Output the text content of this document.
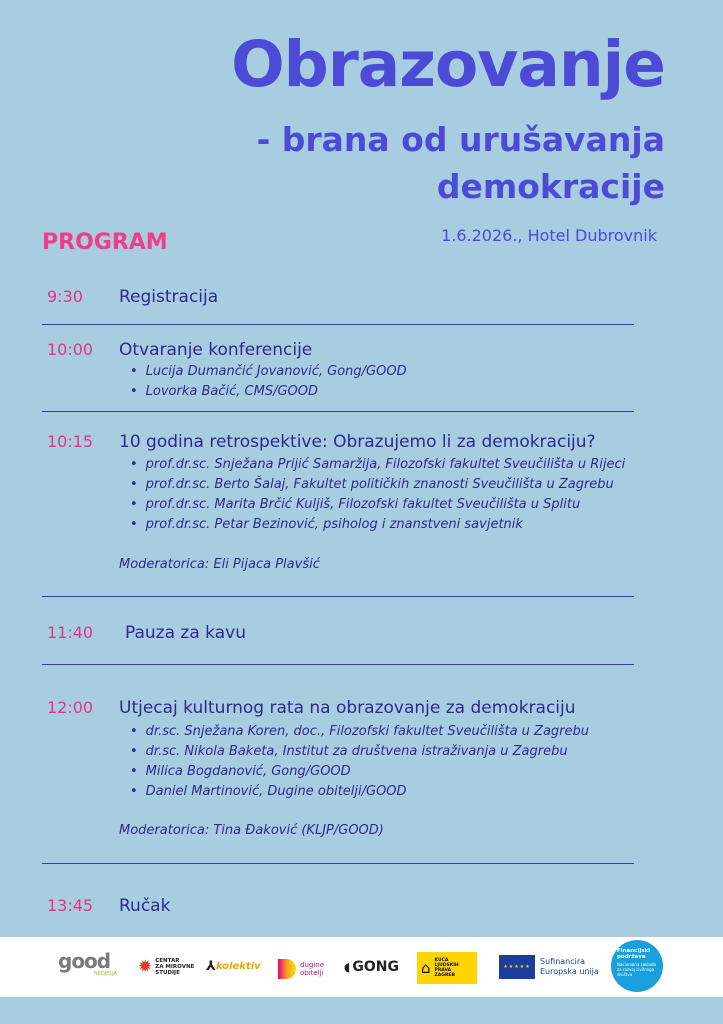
Obrazovanje
- brana od urušavanja
demokracije
1.6.2026., Hotel Dubrovnik
PROGRAM
9:30 Registracija
10:00 Otvaranje konferencije
• Lucija Dumančić Jovanović, Gong/GOOD
• Lovorka Bačić, CMS/GOOD
10:15 10 godina retrospektive: Obrazujemo li za demokraciju?
• prof.dr.sc. Snježana Prijić Samaržija, Filozofski fakultet Sveučilišta u Rijeci
• prof.dr.sc. Berto Šalaj, Fakultet političkih znanosti Sveučilišta u Zagrebu
• prof.dr.sc. Marita Brčić Kuljiš, Filozofski fakultet Sveučilišta u Splitu
• prof.dr.sc. Petar Bezinović, psiholog i znanstveni savjetnik
Moderatorica: Eli Pijaca Plavšić
11:40 Pauza za kavu
12:00 Utjecaj kulturnog rata na obrazovanje za demokraciju
• dr.sc. Snježana Koren, doc., Filozofski fakultet Sveučilišta u Zagrebu
• dr.sc. Nikola Baketa, Institut za društvena istraživanja u Zagrebu
• Milica Bogdanović, Gong/GOOD
• Daniel Martinović, Dugine obitelji/GOOD
Moderatorica: Tina Đaković (KLJP/GOOD)
13:45 Ručak
good
NEDJELJA ✹ CENTAR
ZA MIROVNE
STUDIJE	⅄ kolektiv	dugine
obitelji ◖ GONG ⌂ KUĆA
LJUDSKIH
PRAVA
ZAGREB
★★★★★
Sufinancira
Europska unija
Financijski
podržava
Nacionalna zaklada za razvoj civilnoga društva
